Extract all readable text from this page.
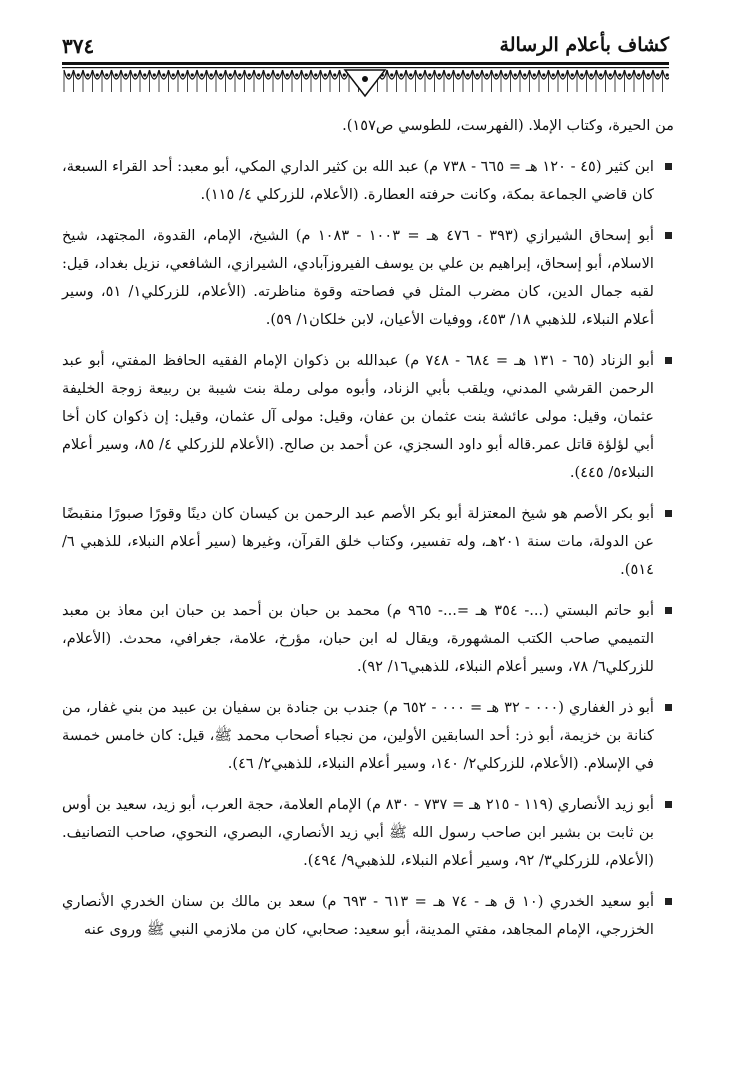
كشاف بأعلام الرسالة
٣٧٤

من الحيرة، وكتاب الإملا. (الفهرست، للطوسي ص١٥٧).

ابن كثير (٤٥ - ١٢٠ هـ = ٦٦٥ - ٧٣٨ م) عبد الله بن كثير الداري المكي، أبو معبد: أحد القراء السبعة، كان قاضي الجماعة بمكة، وكانت حرفته العطارة. (الأعلام، للزركلي ٤/ ١١٥).

أبو إسحاق الشيرازي (٣٩٣ - ٤٧٦ هـ = ١٠٠٣ - ١٠٨٣ م) الشيخ، الإمام، القدوة، المجتهد، شيخ الاسلام، أبو إسحاق، إبراهيم بن علي بن يوسف الفيروزآبادي، الشيرازي، الشافعي، نزيل بغداد، قيل: لقبه جمال الدين، كان مضرب المثل في فصاحته وقوة مناظرته. (الأعلام، للزركلي١/ ٥١، وسير أعلام النبلاء، للذهبي ١٨/ ٤٥٣، ووفيات الأعيان، لابن خلكان١/ ٥٩).

أبو الزناد (٦٥ - ١٣١ هـ = ٦٨٤ - ٧٤٨ م) عبدالله بن ذكوان الإمام الفقيه الحافظ المفتي، أبو عبد الرحمن القرشي المدني، ويلقب بأبي الزناد، وأبوه مولى رملة بنت شيبة بن ربيعة زوجة الخليفة عثمان، وقيل: مولى عائشة بنت عثمان بن عفان، وقيل: مولى آل عثمان، وقيل: إن ذكوان كان أخا أبي لؤلؤة قاتل عمر.قاله أبو داود السجزي، عن أحمد بن صالح. (الأعلام للزركلي ٤/ ٨٥، وسير أعلام النبلاء٥/ ٤٤٥).

أبو بكر الأصم هو شيخ المعتزلة أبو بكر الأصم عبد الرحمن بن كيسان كان دينًا وقورًا صبورًا منقبضًا عن الدولة، مات سنة ٢٠١هـ، وله تفسير، وكتاب خلق القرآن، وغيرها (سير أعلام النبلاء، للذهبي ٦/ ٥١٤).

أبو حاتم البستي (...- ٣٥٤ هـ =...- ٩٦٥ م) محمد بن حبان بن أحمد بن حبان ابن معاذ بن معبد التميمي صاحب الكتب المشهورة، ويقال له ابن حبان، مؤرخ، علامة، جغرافي، محدث. (الأعلام، للزركلي٦/ ٧٨، وسير أعلام النبلاء، للذهبي١٦/ ٩٢).

أبو ذر الغفاري (٠٠٠ - ٣٢ هـ = ٠٠٠ - ٦٥٢ م) جندب بن جنادة بن سفيان بن عبيد من بني غفار، من كنانة بن خزيمة، أبو ذر: أحد السابقين الأولين، من نجباء أصحاب محمد ﷺ، قيل: كان خامس خمسة في الإسلام. (الأعلام، للزركلي٢/ ١٤٠، وسير أعلام النبلاء، للذهبي٢/ ٤٦).

أبو زيد الأنصاري (١١٩ - ٢١٥ هـ = ٧٣٧ - ٨٣٠ م) الإمام العلامة، حجة العرب، أبو زيد، سعيد بن أوس بن ثابت بن بشير ابن صاحب رسول الله ﷺ أبي زيد الأنصاري، البصري، النحوي، صاحب التصانيف. (الأعلام، للزركلي٣/ ٩٢، وسير أعلام النبلاء، للذهبي٩/ ٤٩٤).

أبو سعيد الخدري (١٠ ق هـ - ٧٤ هـ = ٦١٣ - ٦٩٣ م) سعد بن مالك بن سنان الخدري الأنصاري الخزرجي، الإمام المجاهد، مفتي المدينة، أبو سعيد: صحابي، كان من ملازمي النبي ﷺ وروى عنه
